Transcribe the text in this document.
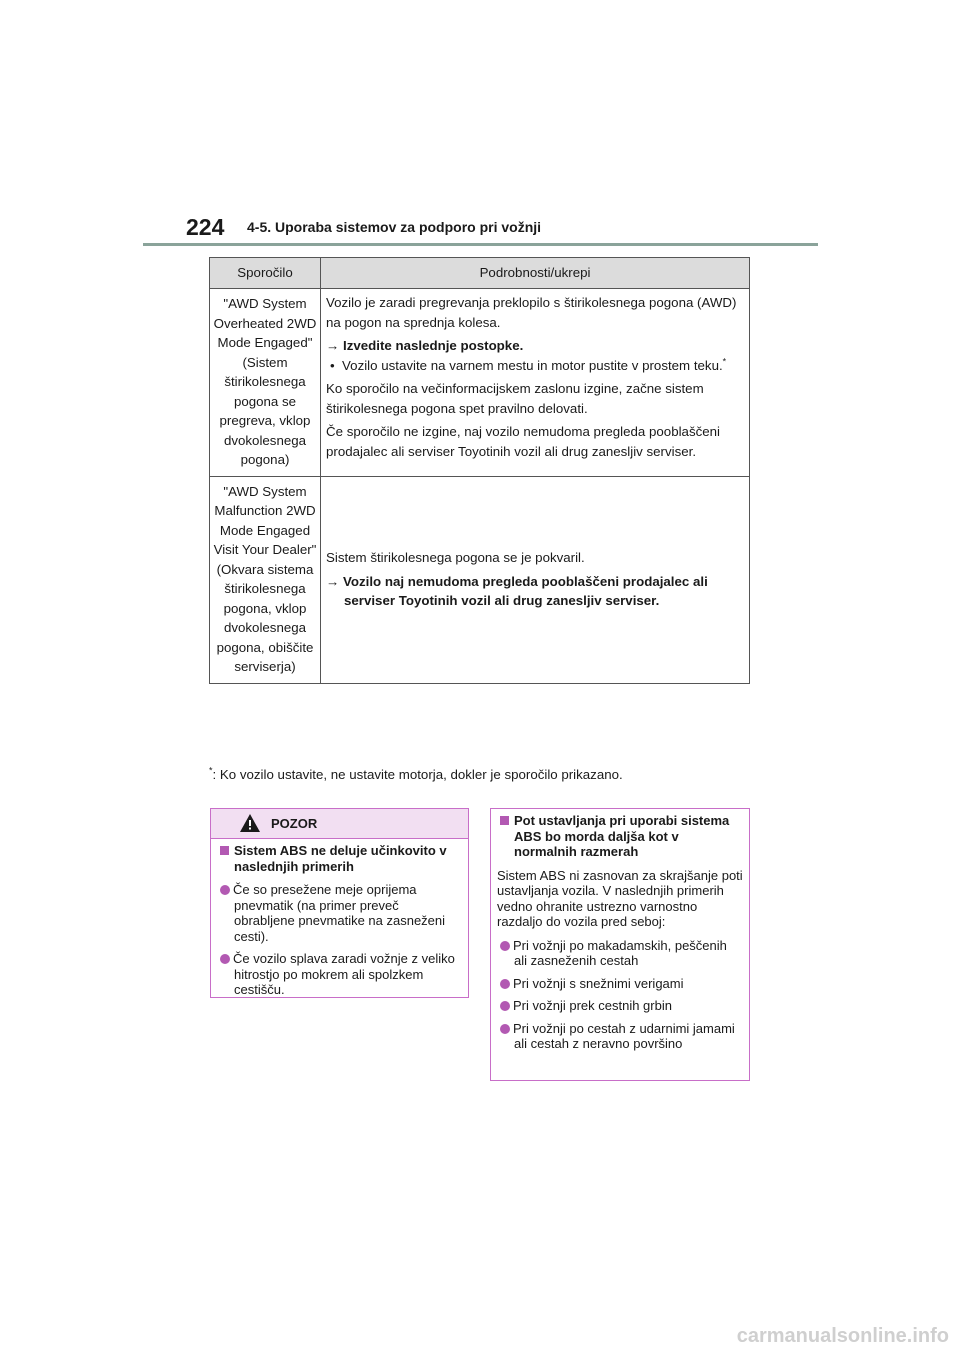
224 4-5. Uporaba sistemov za podporo pri vožnji
Sporočilo	Podrobnosti/ukrepi
"AWD System Overheated 2WD Mode Engaged" (Sistem štirikolesnega pogona se pregreva, vklop dvokolesnega pogona)	Vozilo je zaradi pregrevanja preklopilo s štirikolesnega pogona (AWD) na pogon na sprednja kolesa.
→ Izvedite naslednje postopke.
• Vozilo ustavite na varnem mestu in motor pustite v prostem teku.*
Ko sporočilo na večinformacijskem zaslonu izgine, začne sistem štirikolesnega pogona spet pravilno delovati.
Če sporočilo ne izgine, naj vozilo nemudoma pregleda pooblaščeni prodajalec ali serviser Toyotinih vozil ali drug zanesljiv serviser.

"AWD System Malfunction 2WD Mode Engaged Visit Your Dealer" (Okvara sistema štirikolesnega pogona, vklop dvokolesnega pogona, obiščite serviserja)	Sistem štirikolesnega pogona se je pokvaril.
→ Vozilo naj nemudoma pregleda pooblaščeni prodajalec ali serviser Toyotinih vozil ali drug zanesljiv serviser.
*: Ko vozilo ustavite, ne ustavite motorja, dokler je sporočilo prikazano.
POZOR
Sistem ABS ne deluje učinkovito v naslednjih primerih
Če so presežene meje oprijema pnevmatik (na primer preveč obrabljene pnevmatike na zasneženi cesti).
Če vozilo splava zaradi vožnje z veliko hitrostjo po mokrem ali spolzkem cestišču.
Pot ustavljanja pri uporabi sistema ABS bo morda daljša kot v normalnih razmerah
Sistem ABS ni zasnovan za skrajšanje poti ustavljanja vozila. V naslednjih primerih vedno ohranite ustrezno varnostno razdaljo do vozila pred seboj:
Pri vožnji po makadamskih, peščenih ali zasneženih cestah
Pri vožnji s snežnimi verigami
Pri vožnji prek cestnih grbin
Pri vožnji po cestah z udarnimi jamami ali cestah z neravno površino
carmanualsonline.info
